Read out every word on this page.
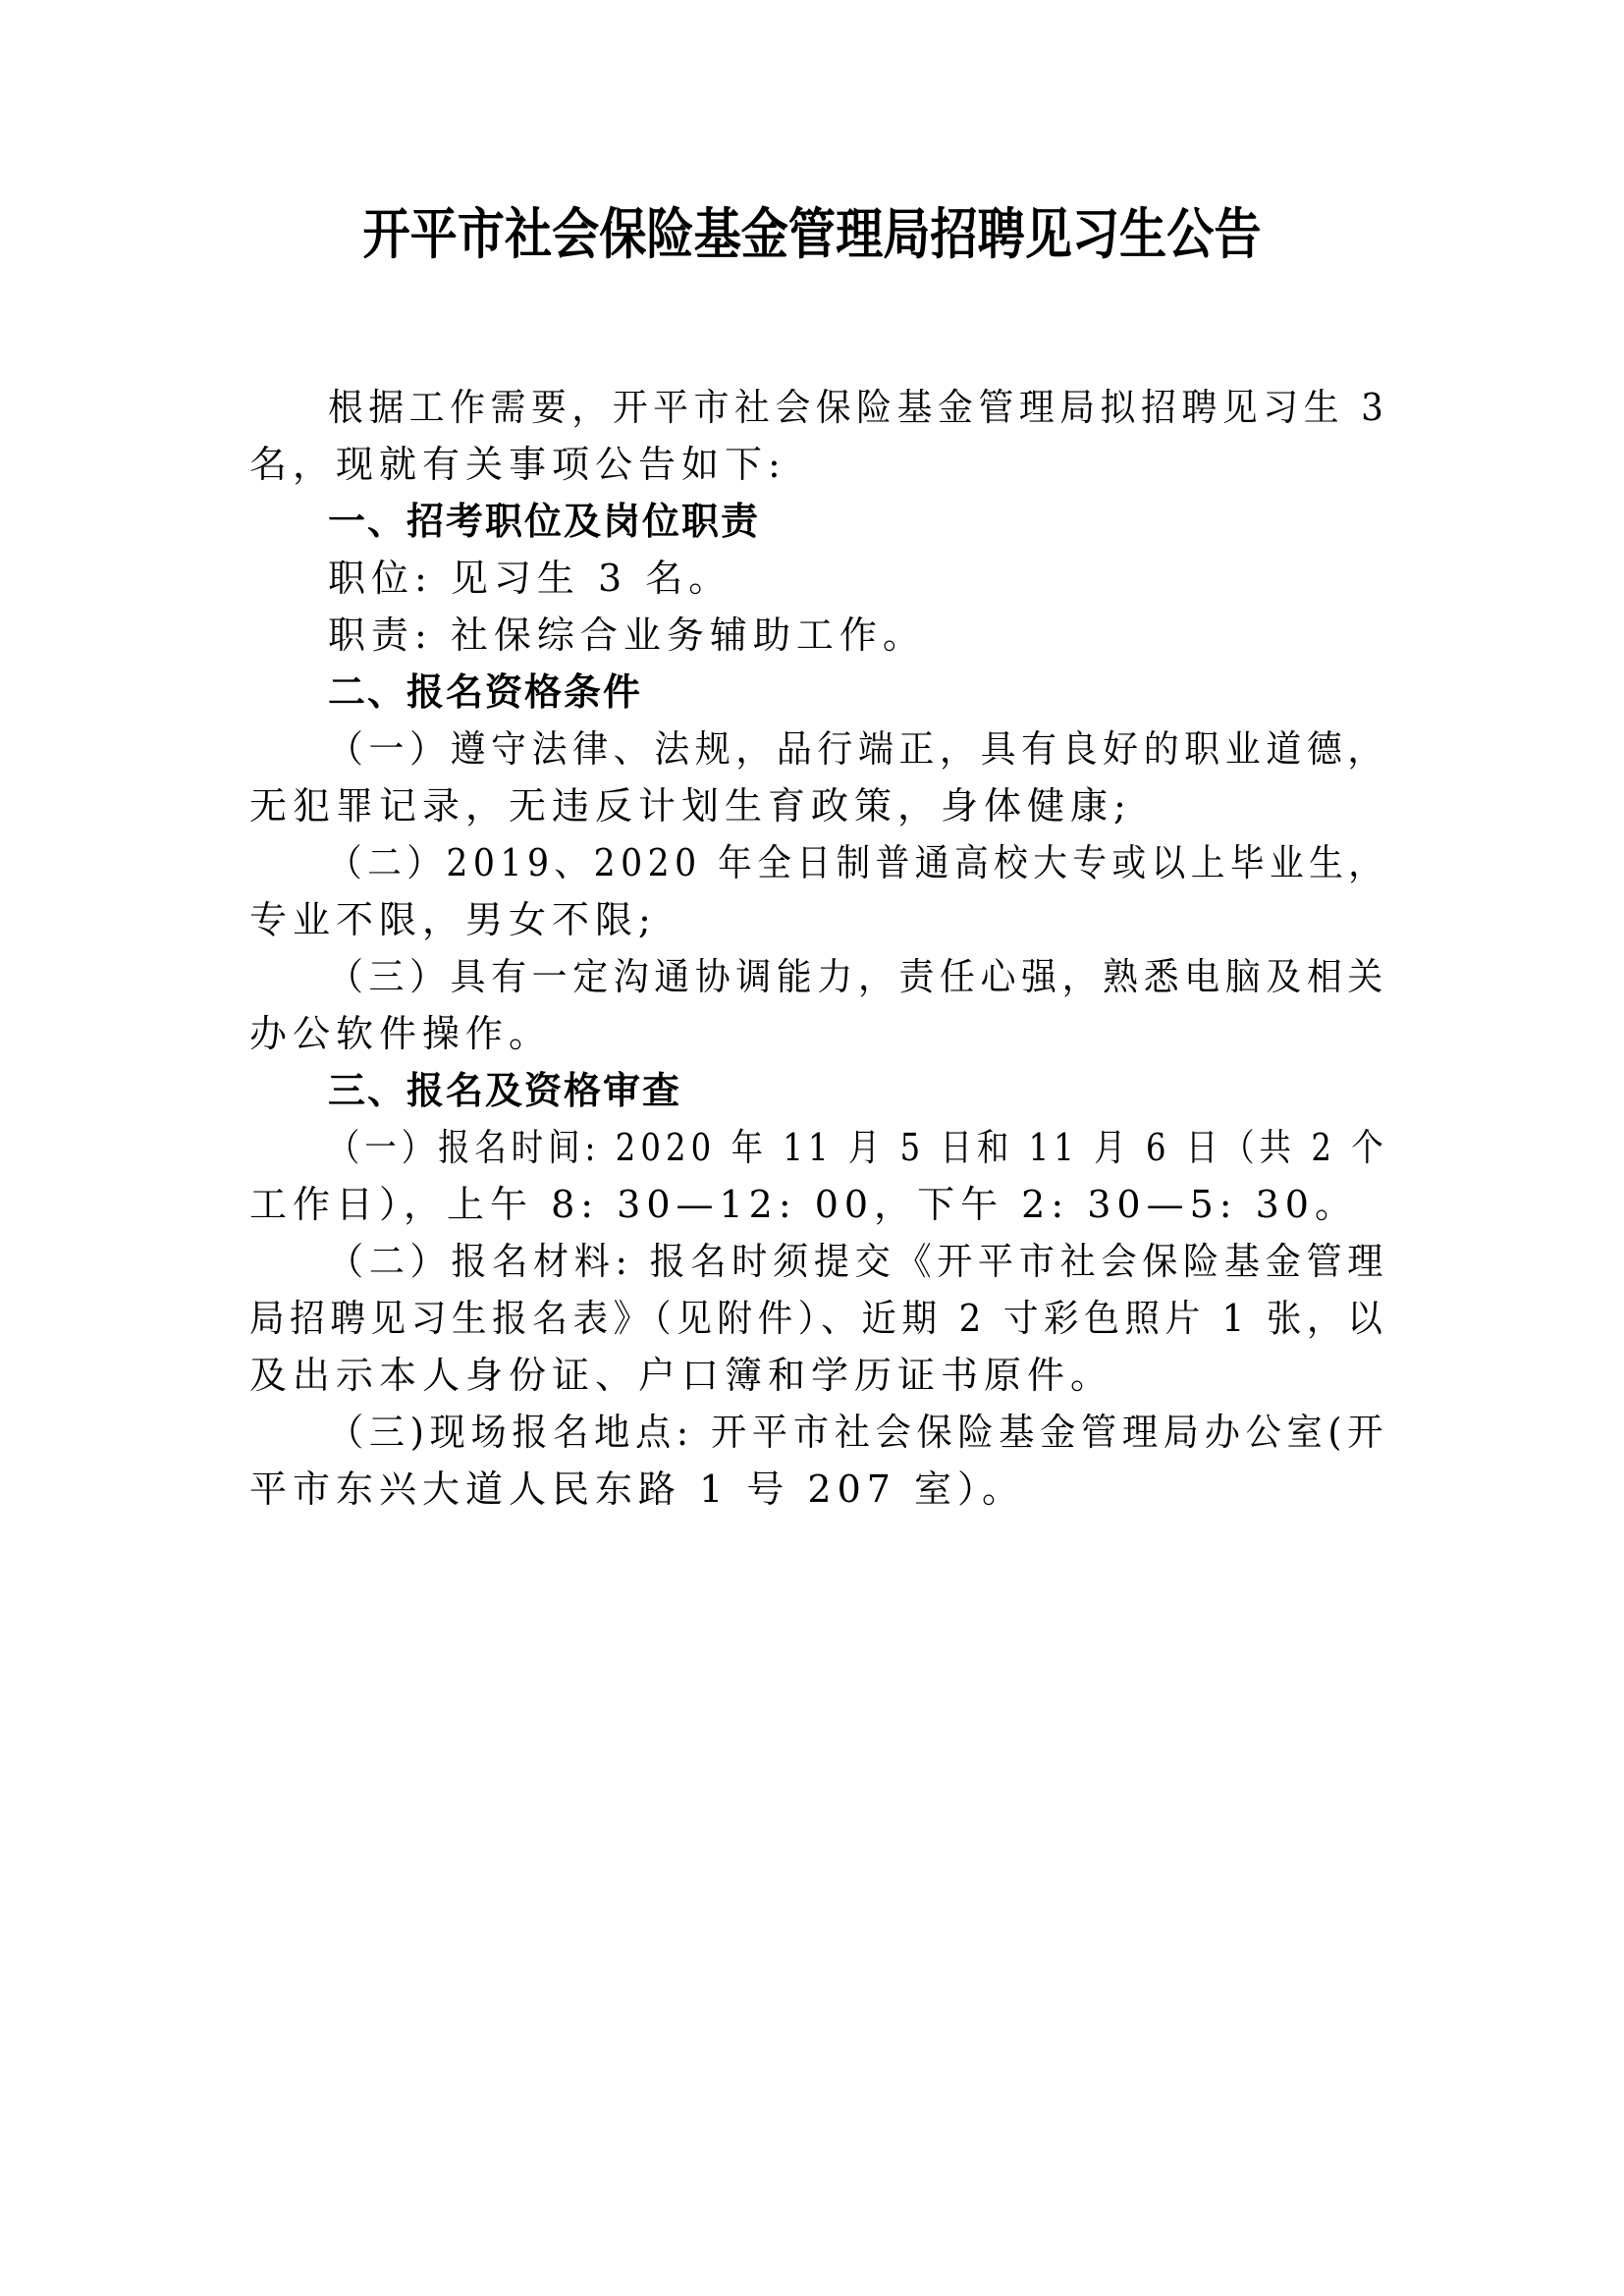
开平市社会保险基金管理局招聘见习生公告
根据工作需要，开平市社会保险基金管理局拟招聘见习生 3
名，现就有关事项公告如下:
一、招考职位及岗位职责
职位: 见习生 3 名。
职责: 社保综合业务辅助工作。
二、报名资格条件
（一）遵守法律、法规，品行端正，具有良好的职业道德，
无犯罪记录，无违反计划生育政策，身体健康;
（二）2019、2020 年全日制普通高校大专或以上毕业生，
专业不限，男女不限;
（三）具有一定沟通协调能力，责任心强，熟悉电脑及相关
办公软件操作。
三、报名及资格审查
（一）报名时间: 2020 年 11 月 5 日和 11 月 6 日（共 2 个
工作日），上午 8: 30—12: 00，下午 2: 30—5: 30。
（二）报名材料: 报名时须提交《开平市社会保险基金管理
局招聘见习生报名表》（见附件）、近期 2 寸彩色照片 1 张，以
及出示本人身份证、户口簿和学历证书原件。
（三)现场报名地点: 开平市社会保险基金管理局办公室(开
平市东兴大道人民东路 1 号 207 室）。
